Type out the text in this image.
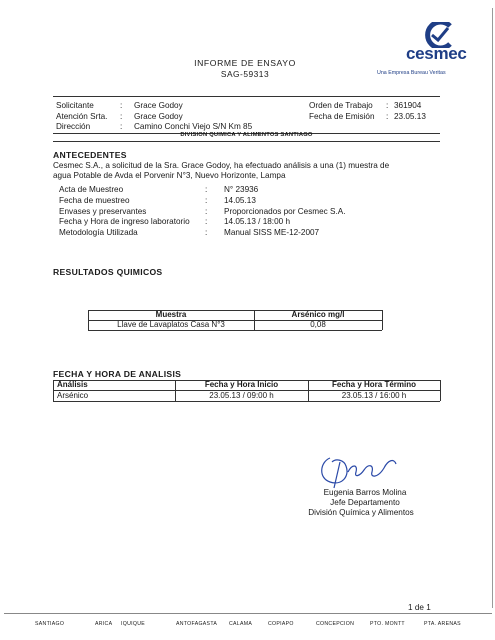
INFORME DE ENSAYO
SAG-59313
cesmec
Una Empresa Bureau Veritas
Solicitante	: Grace Godoy
Atención Srta. : Grace Godoy
Dirección	: Camino Conchi Viejo S/N Km 85
Orden de Trabajo : 361904
Fecha de Emisión : 23.05.13
DIVISION QUIMICA Y ALIMENTOS SANTIAGO
ANTECEDENTES
Cesmec S.A., a solicitud de la Sra. Grace Godoy, ha efectuado análisis a una (1) muestra de
agua Potable de Avda el Porvenir N°3, Nuevo Horizonte, Lampa
Acta de Muestreo	: N° 23936
Fecha de muestreo	: 14.05.13
Envases y preservantes	: Proporcionados por Cesmec S.A.
Fecha y Hora de ingreso laboratorio : 14.05.13 / 18:00 h
Metodología Utilizada	: Manual SISS ME-12-2007
RESULTADOS QUIMICOS
Muestra	Arsénico mg/l
Llave de Lavaplatos Casa N°3	0,08
FECHA Y HORA DE ANALISIS
Análisis	Fecha y Hora Inicio	Fecha y Hora Término
Arsénico	23.05.13 / 09:00 h	23.05.13 / 16:00 h
Eugenia Barros Molina
Jefe Departamento
División Química y Alimentos
1 de 1
SANTIAGO	ARICA IQUIQUE	ANTOFAGASTA CALAMA	COPIAPO	CONCEPCION	PTO. MONTT	PTA. ARENAS
